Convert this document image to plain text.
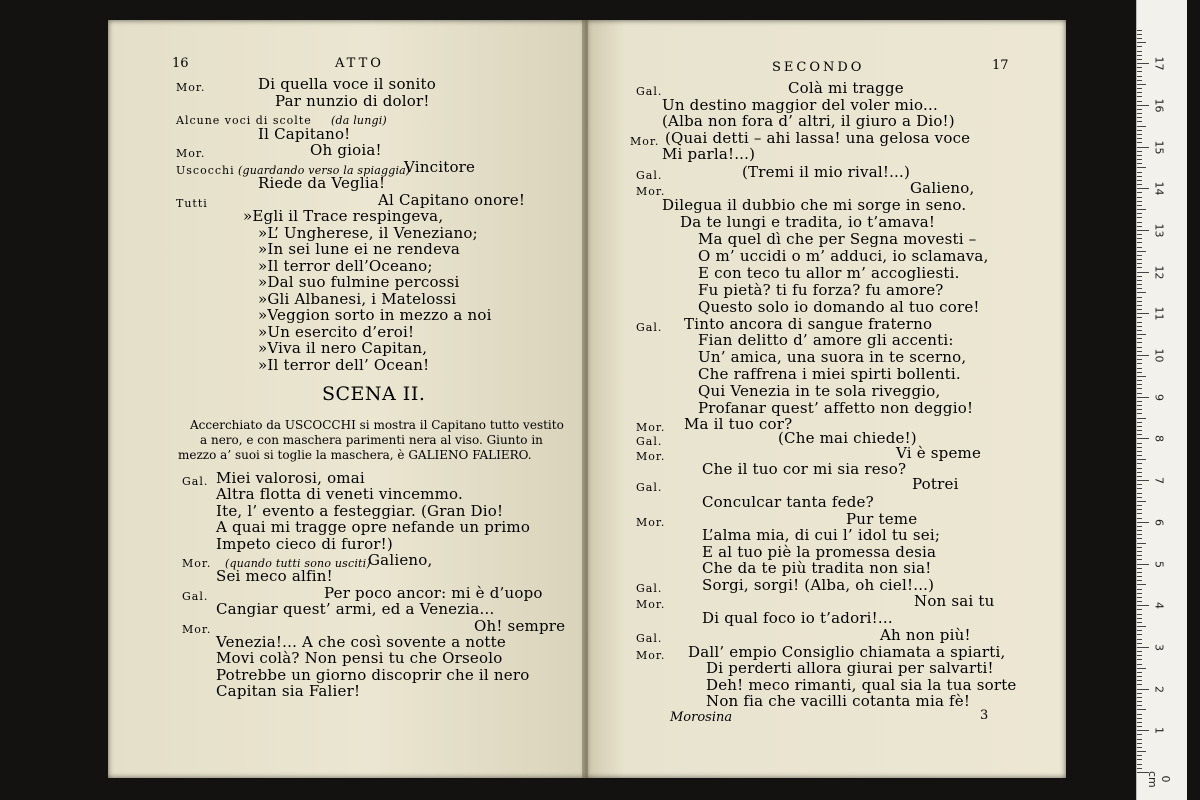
16	ATTO
Mor.	Di quella voce il sonito
Par nunzio di dolor!
Alcune voci di scolte (da lungi)
Il Capitano!
Mor.	Oh gioia!
Uscocchi (guardando verso la spiaggia)
Vincitore
Riede da Veglia!
Tutti	Al Capitano onore!
»Egli il Trace respingeva,
»L’ Ungherese, il Veneziano;
»In sei lune ei ne rendeva
»Il terror dell’Oceano;
»Dal suo fulmine percossi
»Gli Albanesi, i Matelossi
»Veggion sorto in mezzo a noi
»Un esercito d’eroi!
»Viva il nero Capitan,
»Il terror dell’ Ocean!
SCENA II.
Accerchiato da USCOCCHI si mostra il Capitano tutto vestito
a nero, e con maschera parimenti nera al viso. Giunto in
mezzo a’ suoi si toglie la maschera, è GALIENO FALIERO.
Gal. Miei valorosi, omai
Altra flotta di veneti vincemmo.
Ite, l’ evento a festeggiar. (Gran Dio!
A quai mi tragge opre nefande un primo
Impeto cieco di furor!)
Mor. (quando tutti sono usciti)
Galieno,
Sei meco alfin!
Gal.	Per poco ancor: mi è d’uopo
Cangiar quest’ armi, ed a Venezia...
Mor.	Oh! sempre
Venezia!... A che così sovente a notte
Movi colà? Non pensi tu che Orseolo
Potrebbe un giorno discoprir che il nero
Capitan sia Falier!
SECONDO	17
Gal.	Colà mi tragge
Un destino maggior del voler mio...
(Alba non fora d’ altri, il giuro a Dio!)
Mor. (Quai detti – ahi lassa! una gelosa voce
Mi parla!...)
Gal.	(Tremi il mio rival!...)
Mor.	Galieno,
Dilegua il dubbio che mi sorge in seno.
Da te lungi e tradita, io t’amava!
Ma quel dì che per Segna movesti –
O m’ uccidi o m’ adduci, io sclamava,
E con teco tu allor m’ accogliesti.
Fu pietà? ti fu forza? fu amore?
Questo solo io domando al tuo core!
Gal. Tinto ancora di sangue fraterno
Fian delitto d’ amore gli accenti:
Un’ amica, una suora in te scerno,
Che raffrena i miei spirti bollenti.
Qui Venezia in te sola riveggio,
Profanar quest’ affetto non deggio!
Mor. Ma il tuo cor?
Gal.	(Che mai chiede!)
Mor.	Vi è speme
Che il tuo cor mi sia reso?
Gal.	Potrei
Conculcar tanta fede?
Mor.	Pur teme
L’alma mia, di cui l’ idol tu sei;
E al tuo piè la promessa desia
Che da te più tradita non sia!
Gal.	Sorgi, sorgi! (Alba, oh ciel!...)
Mor.	Non sai tu
Di qual foco io t’adori!...
Gal.	Ah non più!
Mor. Dall’ empio Consiglio chiamata a spiarti,
Di perderti allora giurai per salvarti!
Deh! meco rimanti, qual sia la tua sorte
Non fia che vacilli cotanta mia fè!
Morosina	3
0 cm
1
2
3
4
5
6
7
8
9
10
11
12
13
14
15
16
17
